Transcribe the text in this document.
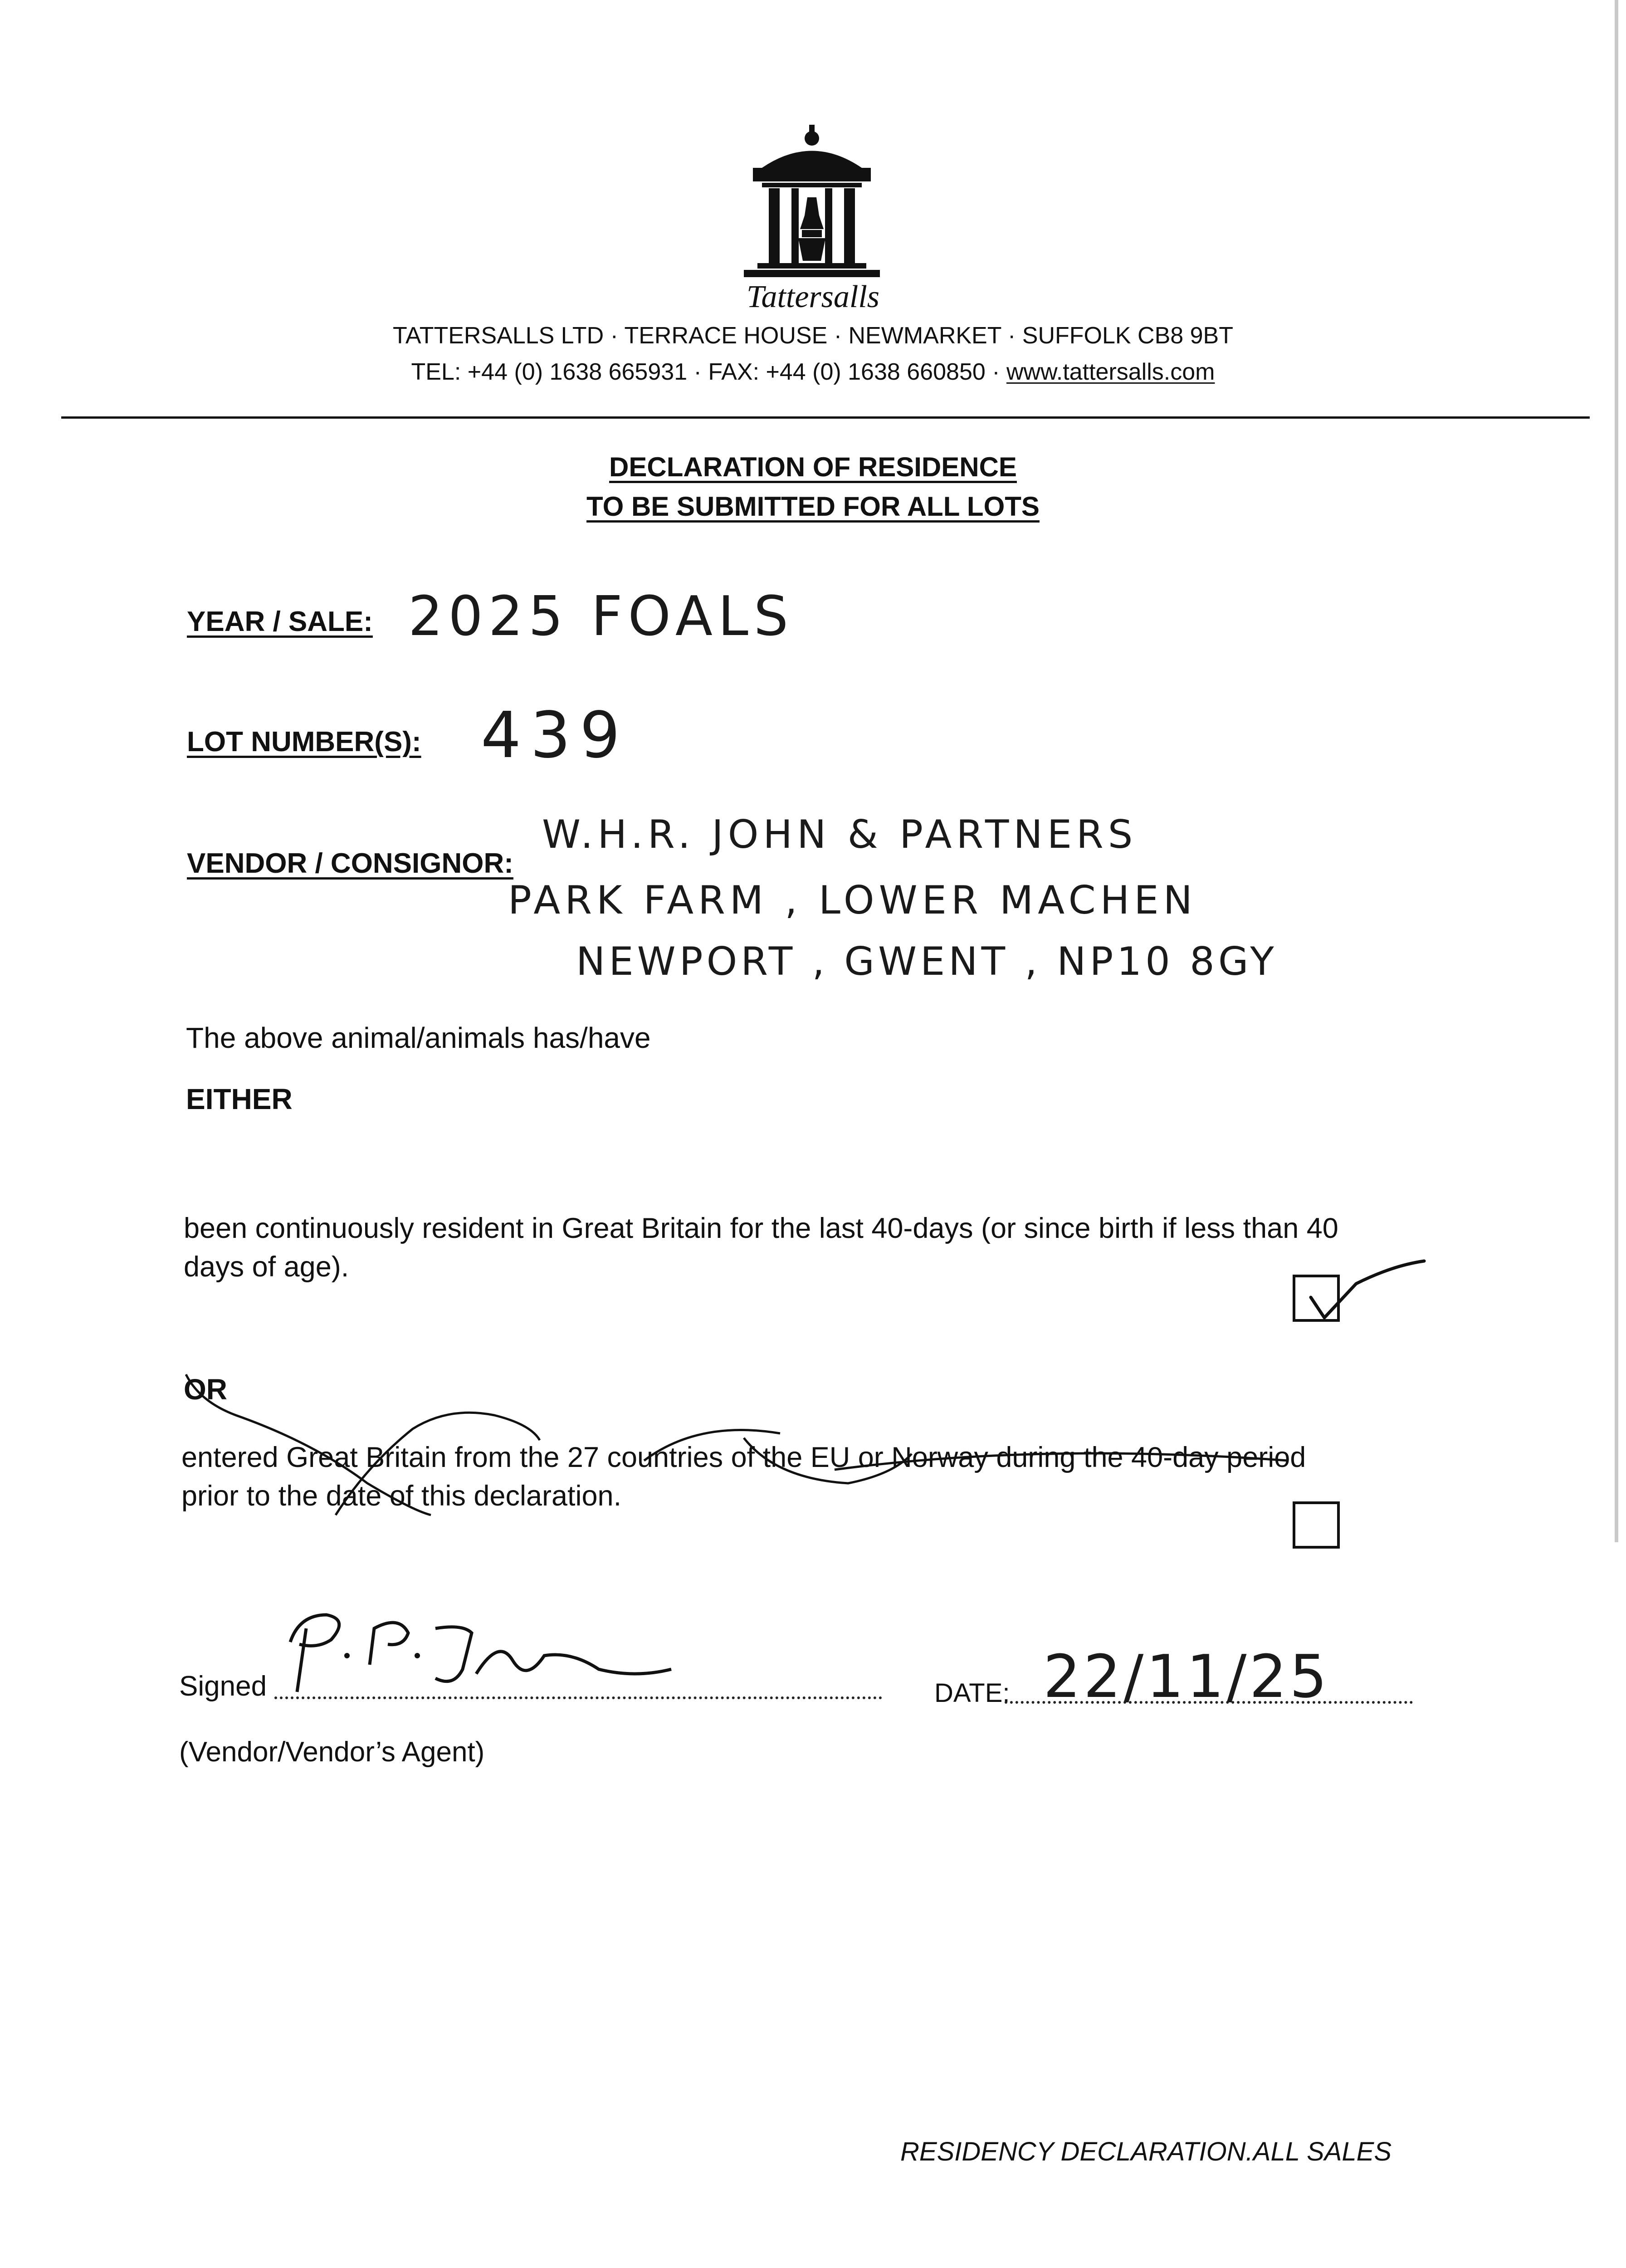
Tattersalls
TATTERSALLS LTD · TERRACE HOUSE · NEWMARKET · SUFFOLK CB8 9BT
TEL: +44 (0) 1638 665931 · FAX: +44 (0) 1638 660850 · www.tattersalls.com
DECLARATION OF RESIDENCE
TO BE SUBMITTED FOR ALL LOTS
YEAR / SALE: 2025 FOALS
LOT NUMBER(S): 439
VENDOR / CONSIGNOR:
W.H.R. JOHN & PARTNERS
PARK FARM , LOWER MACHEN
NEWPORT , GWENT , NP10 8GY
The above animal/animals has/have
EITHER
been continuously resident in Great Britain for the last 40-days (or since birth if less than 40
days of age).
OR
entered Great Britain from the 27 countries of the EU or Norway during the 40-day period
prior to the date of this declaration.
Signed
P.R.J
(Vendor/Vendor’s Agent)
DATE: 22/11/25
RESIDENCY DECLARATION.ALL SALES
